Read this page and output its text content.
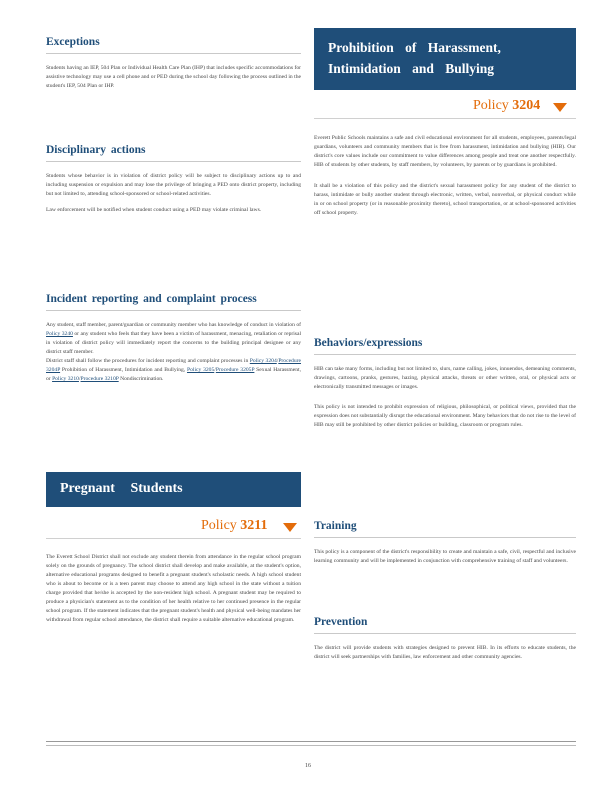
Exceptions

Students having an IEP, 504 Plan or Individual Health Care Plan (IHP) that includes specific accommodations for assistive technology may use a cell phone and or PED during the school day following the process outlined in the student's IEP, 504 Plan or IHP.

Disciplinary actions

Students whose behavior is in violation of district policy will be subject to disciplinary actions up to and including suspension or expulsion and may lose the privilege of bringing a PED onto district property, including but not limited to, attending school-sponsored or school-related activities.

Law enforcement will be notified when student conduct using a PED may violate criminal laws.

Incident reporting and complaint process

Any student, staff member, parent/guardian or community member who has knowledge of conduct in violation of Policy 3240 or any student who feels that they have been a victim of harassment, menacing, retaliation or reprisal in violation of district policy will immediately report the concerns to the building principal designee or any district staff member.

District staff shall follow the procedures for incident reporting and complaint processes in Policy 3204/Procedure 3204P Prohibition of Harassment, Intimidation and Bullying, Policy 3205/Procedure 3205P Sexual Harassment, or Policy 3210/Procedure 3210P Nondiscrimination.

Pregnant Students
Policy 3211

The Everett School District shall not exclude any student therein from attendance in the regular school program solely on the grounds of pregnancy. The school district shall develop and make available, at the student's option, alternative educational programs designed to benefit a pregnant student's scholastic needs. A high school student who is about to become or is a teen parent may choose to attend any high school in the state without a tuition charge provided that he/she is accepted by the non-resident high school. A pregnant student may be required to produce a physician's statement as to the condition of her health relative to her continued presence in the regular school program. If the statement indicates that the pregnant student's health and physical well-being mandates her withdrawal from regular school attendance, the district shall require a suitable alternative educational program.

Prohibition of Harassment,
Intimidation and Bullying
Policy 3204

Everett Public Schools maintains a safe and civil educational environment for all students, employees, parents/legal guardians, volunteers and community members that is free from harassment, intimidation and bullying (HIB). Our district's core values include our commitment to value differences among people and treat one another respectfully. HIB of students by other students, by staff members, by volunteers, by parents or by guardians is prohibited.

It shall be a violation of this policy and the district's sexual harassment policy for any student of the district to harass, intimidate or bully another student through electronic, written, verbal, nonverbal, or physical conduct while in or on school property (or in reasonable proximity thereto), school transportation, or at school-sponsored activities off school property.

Behaviors/expressions

HIB can take many forms, including but not limited to, slurs, name calling, jokes, innuendos, demeaning comments, drawings, cartoons, pranks, gestures, hazing, physical attacks, threats or other written, oral, or physical acts or electronically transmitted messages or images.

This policy is not intended to prohibit expression of religious, philosophical, or political views, provided that the expression does not substantially disrupt the educational environment. Many behaviors that do not rise to the level of HIB may still be prohibited by other district policies or building, classroom or program rules.

Training

This policy is a component of the district's responsibility to create and maintain a safe, civil, respectful and inclusive learning community and will be implemented in conjunction with comprehensive training of staff and volunteers.

Prevention

The district will provide students with strategies designed to prevent HIB. In its efforts to educate students, the district will seek partnerships with families, law enforcement and other community agencies.

16
